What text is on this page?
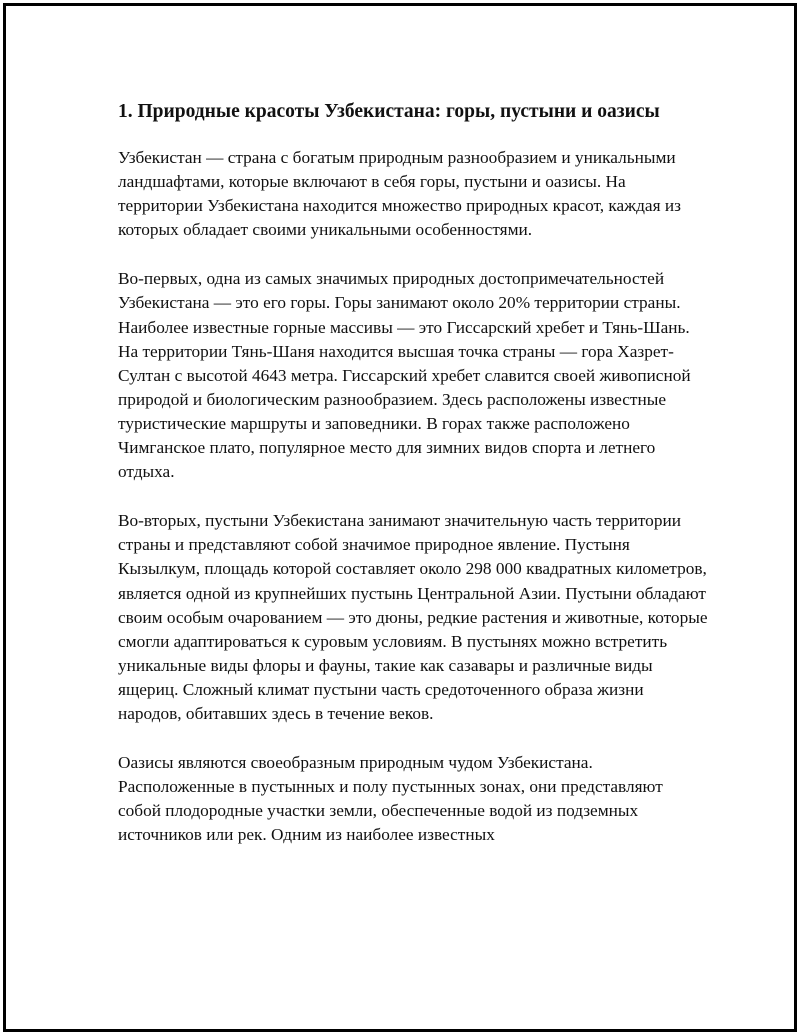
1. Природные красоты Узбекистана: горы, пустыни и оазисы

Узбекистан — страна с богатым природным разнообразием и уникальными ландшафтами, которые включают в себя горы, пустыни и оазисы. На территории Узбекистана находится множество природных красот, каждая из которых обладает своими уникальными особенностями.

Во-первых, одна из самых значимых природных достопримечательностей Узбекистана — это его горы. Горы занимают около 20% территории страны. Наиболее известные горные массивы — это Гиссарский хребет и Тянь-Шань. На территории Тянь-Шаня находится высшая точка страны — гора Хазрет-Султан с высотой 4643 метра. Гиссарский хребет славится своей живописной природой и биологическим разнообразием. Здесь расположены известные туристические маршруты и заповедники. В горах также расположено Чимганское плато, популярное место для зимних видов спорта и летнего отдыха.

Во-вторых, пустыни Узбекистана занимают значительную часть территории страны и представляют собой значимое природное явление. Пустыня Кызылкум, площадь которой составляет около 298 000 квадратных километров, является одной из крупнейших пустынь Центральной Азии. Пустыни обладают своим особым очарованием — это дюны, редкие растения и животные, которые смогли адаптироваться к суровым условиям. В пустынях можно встретить уникальные виды флоры и фауны, такие как сазавары и различные виды ящериц. Сложный климат пустыни часть средоточенного образа жизни народов, обитавших здесь в течение веков.

Оазисы являются своеобразным природным чудом Узбекистана. Расположенные в пустынных и полу пустынных зонах, они представляют собой плодородные участки земли, обеспеченные водой из подземных источников или рек. Одним из наиболее известных
